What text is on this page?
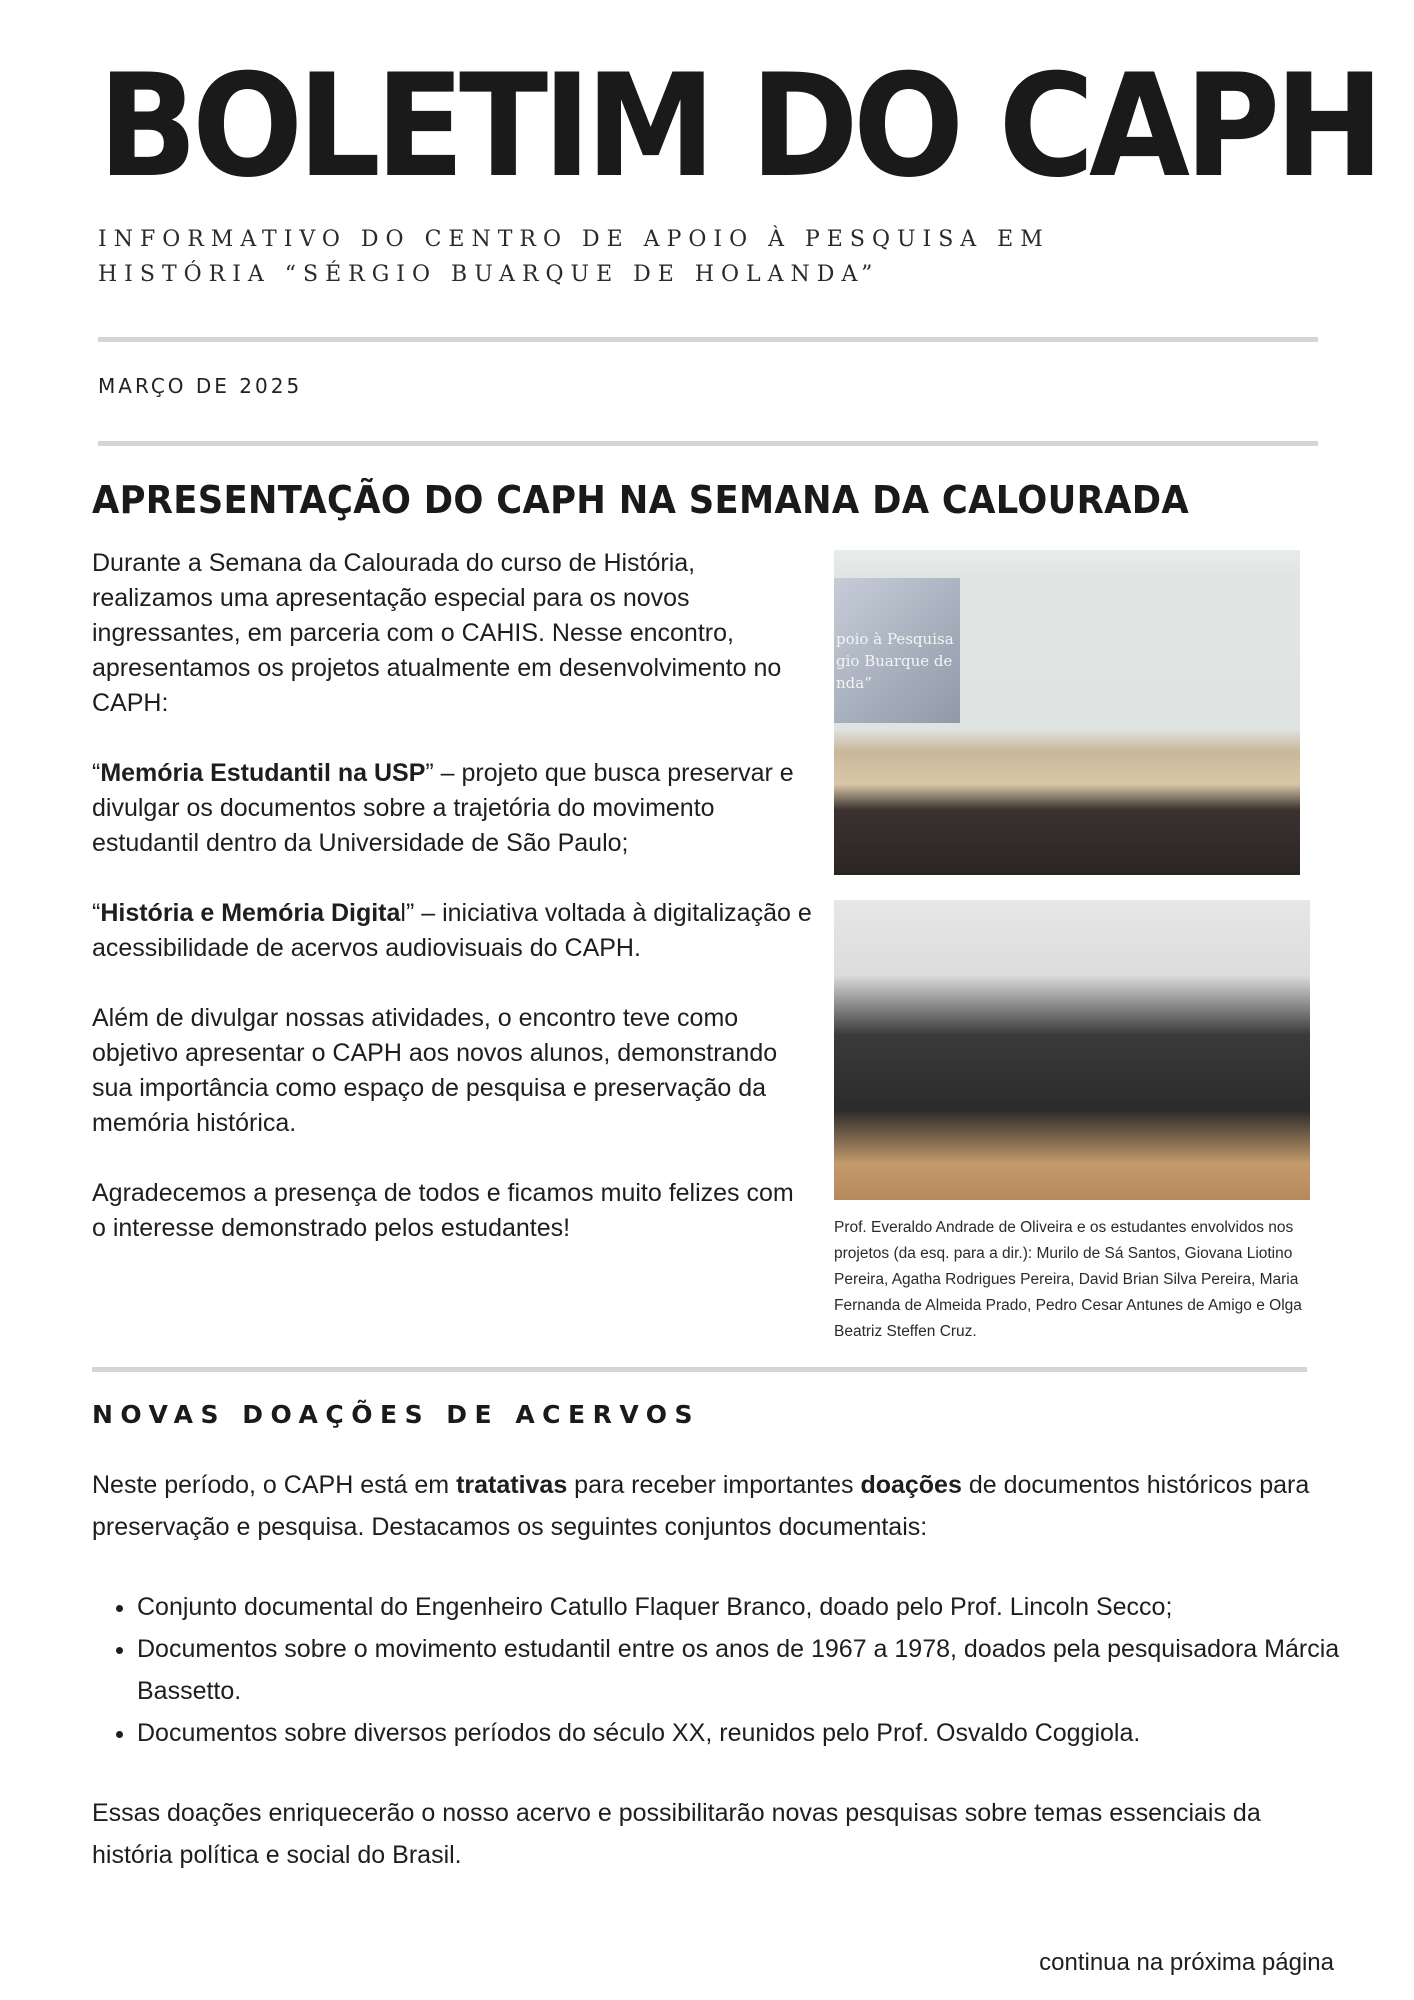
BOLETIM DO CAPH
INFORMATIVO DO CENTRO DE APOIO À PESQUISA EM HISTÓRIA “SÉRGIO BUARQUE DE HOLANDA”
MARÇO DE 2025
APRESENTAÇÃO DO CAPH NA SEMANA DA CALOURADA

Durante a Semana da Calourada do curso de História, realizamos uma apresentação especial para os novos ingressantes, em parceria com o CAHIS. Nesse encontro, apresentamos os projetos atualmente em desenvolvimento no CAPH:

“Memória Estudantil na USP” – projeto que busca preservar e divulgar os documentos sobre a trajetória do movimento estudantil dentro da Universidade de São Paulo;

“História e Memória Digital” – iniciativa voltada à digitalização e acessibilidade de acervos audiovisuais do CAPH.

Além de divulgar nossas atividades, o encontro teve como objetivo apresentar o CAPH aos novos alunos, demonstrando sua importância como espaço de pesquisa e preservação da memória histórica.

Agradecemos a presença de todos e ficamos muito felizes com o interesse demonstrado pelos estudantes!

poio à Pesquisa gio Buarque de nda”
Prof. Everaldo Andrade de Oliveira e os estudantes envolvidos nos projetos (da esq. para a dir.): Murilo de Sá Santos, Giovana Liotino Pereira, Agatha Rodrigues Pereira, David Brian Silva Pereira, Maria Fernanda de Almeida Prado, Pedro Cesar Antunes de Amigo e Olga Beatriz Steffen Cruz.
NOVAS DOAÇÕES DE ACERVOS

Neste período, o CAPH está em tratativas para receber importantes doações de documentos históricos para preservação e pesquisa. Destacamos os seguintes conjuntos documentais:

• Conjunto documental do Engenheiro Catullo Flaquer Branco, doado pelo Prof. Lincoln Secco;
• Documentos sobre o movimento estudantil entre os anos de 1967 a 1978, doados pela pesquisadora Márcia Bassetto.
• Documentos sobre diversos períodos do século XX, reunidos pelo Prof. Osvaldo Coggiola.

Essas doações enriquecerão o nosso acervo e possibilitarão novas pesquisas sobre temas essenciais da história política e social do Brasil.

continua na próxima página
